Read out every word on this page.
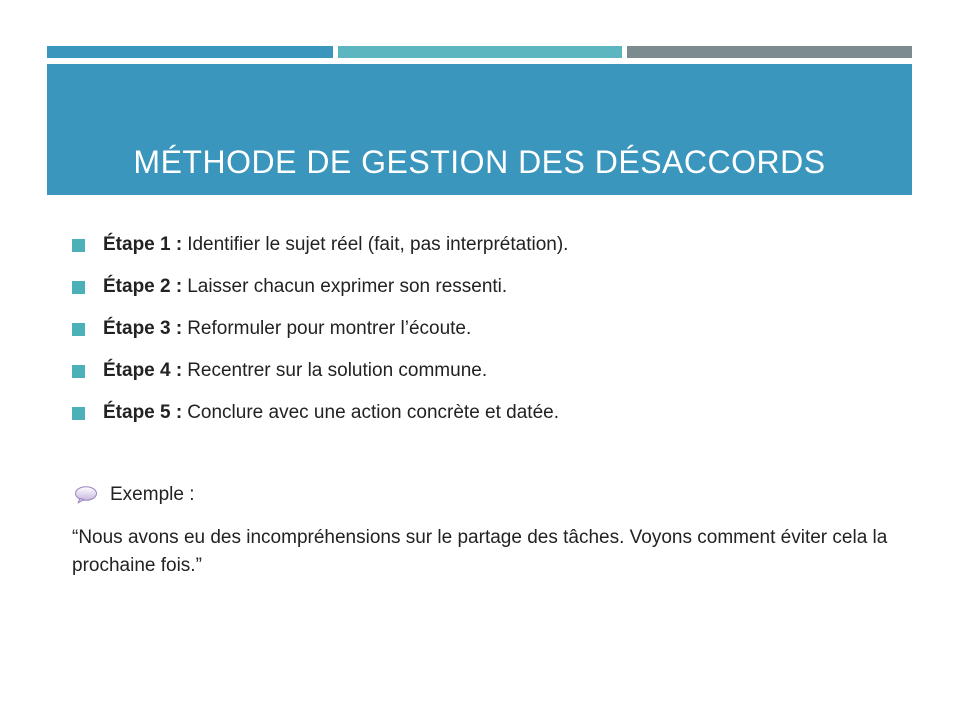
MÉTHODE DE GESTION DES DÉSACCORDS
Étape 1 : Identifier le sujet réel (fait, pas interprétation).
Étape 2 : Laisser chacun exprimer son ressenti.
Étape 3 : Reformuler pour montrer l’écoute.
Étape 4 : Recentrer sur la solution commune.
Étape 5 : Conclure avec une action concrète et datée.
Exemple :

“Nous avons eu des incompréhensions sur le partage des tâches. Voyons comment éviter cela la prochaine fois.”
